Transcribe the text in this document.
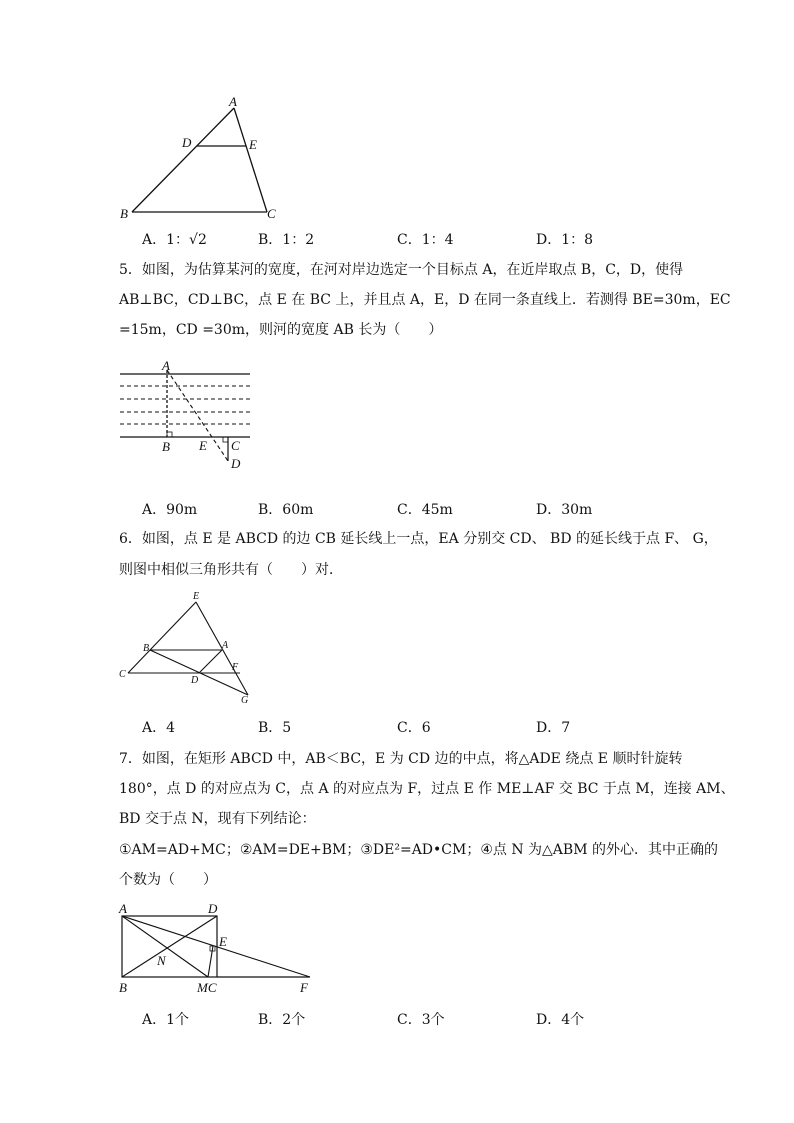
A
D	E
B	C
A．1：√2	B．1：2	C．1：4	D．1：8
5．如图，为估算某河的宽度，在河对岸边选定一个目标点 A，在近岸取点 B，C，D，使得
AB⊥BC，CD⊥BC，点 E 在 BC 上，并且点 A，E，D 在同一条直线上．若测得 BE=30m，EC
=15m，CD =30m，则河的宽度 AB 长为（　　）
A
B E C
D
A．90m	B．60m	C．45m	D．30m
6．如图，点 E 是 ABCD 的边 CB 延长线上一点，EA 分别交 CD、 BD 的延长线于点 F、 G，
则图中相似三角形共有（　　）对．
E
B	A
C
F
D
G
A．4	B．5	C．6	D．7
7．如图，在矩形 ABCD 中，AB＜BC，E 为 CD 边的中点，将△ADE 绕点 E 顺时针旋转
180°，点 D 的对应点为 C，点 A 的对应点为 F，过点 E 作 ME⊥AF 交 BC 于点 M，连接 AM、
BD 交于点 N，现有下列结论：
①AM=AD+MC；②AM=DE+BM；③DE²=AD•CM；④点 N 为△ABM 的外心．其中正确的
个数为（　　）
A	D
E
N
B	MC	F
A．1个	B．2个	C．3个	D．4个
